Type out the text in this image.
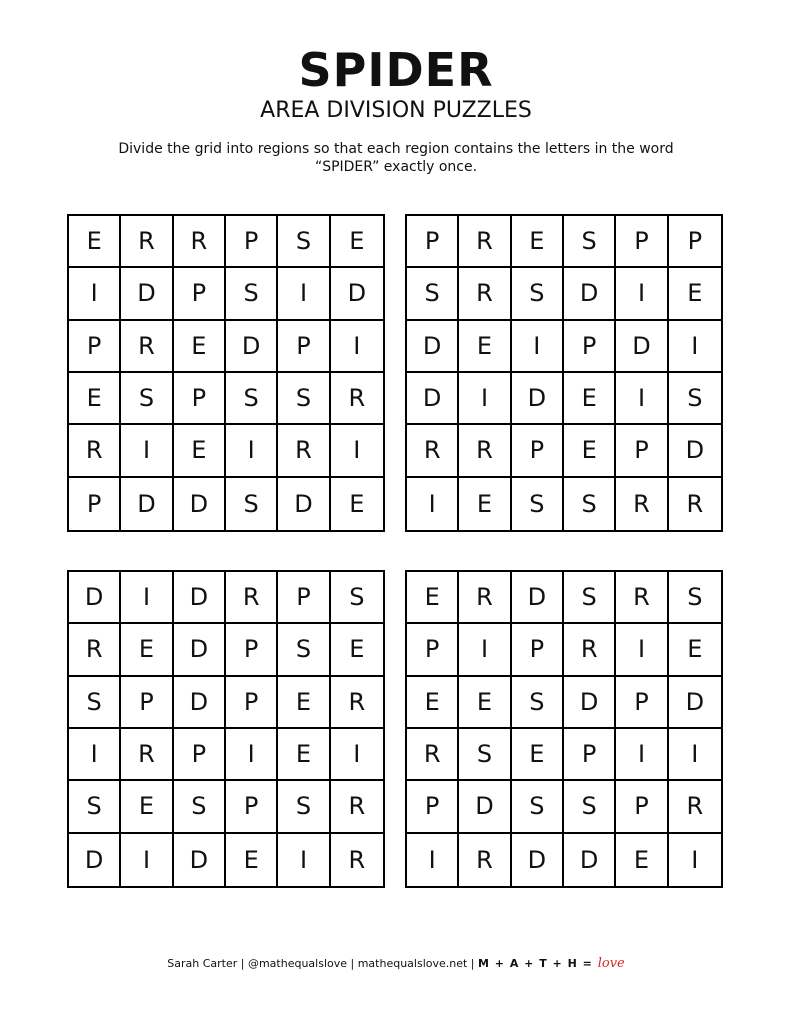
SPIDER
AREA DIVISION PUZZLES
Divide the grid into regions so that each region contains the letters in the word “SPIDER” exactly once.
E	R	R	P	S	E
I	D	P	S	I	D
P	R	E	D	P	I
E	S	P	S	S	R
R	I	E	I	R	I
P	D	D	S	D	E
P	R	E	S	P	P
S	R	S	D	I	E
D	E	I	P	D	I
D	I	D	E	I	S
R	R	P	E	P	D
I	E	S	S	R	R
D	I	D	R	P	S
R	E	D	P	S	E
S	P	D	P	E	R
I	R	P	I	E	I
S	E	S	P	S	R
D	I	D	E	I	R
E	R	D	S	R	S
P	I	P	R	I	E
E	E	S	D	P	D
R	S	E	P	I	I
P	D	S	S	P	R
I	R	D	D	E	I
Sarah Carter | @mathequalslove | mathequalslove.net | M + A + T + H = love
